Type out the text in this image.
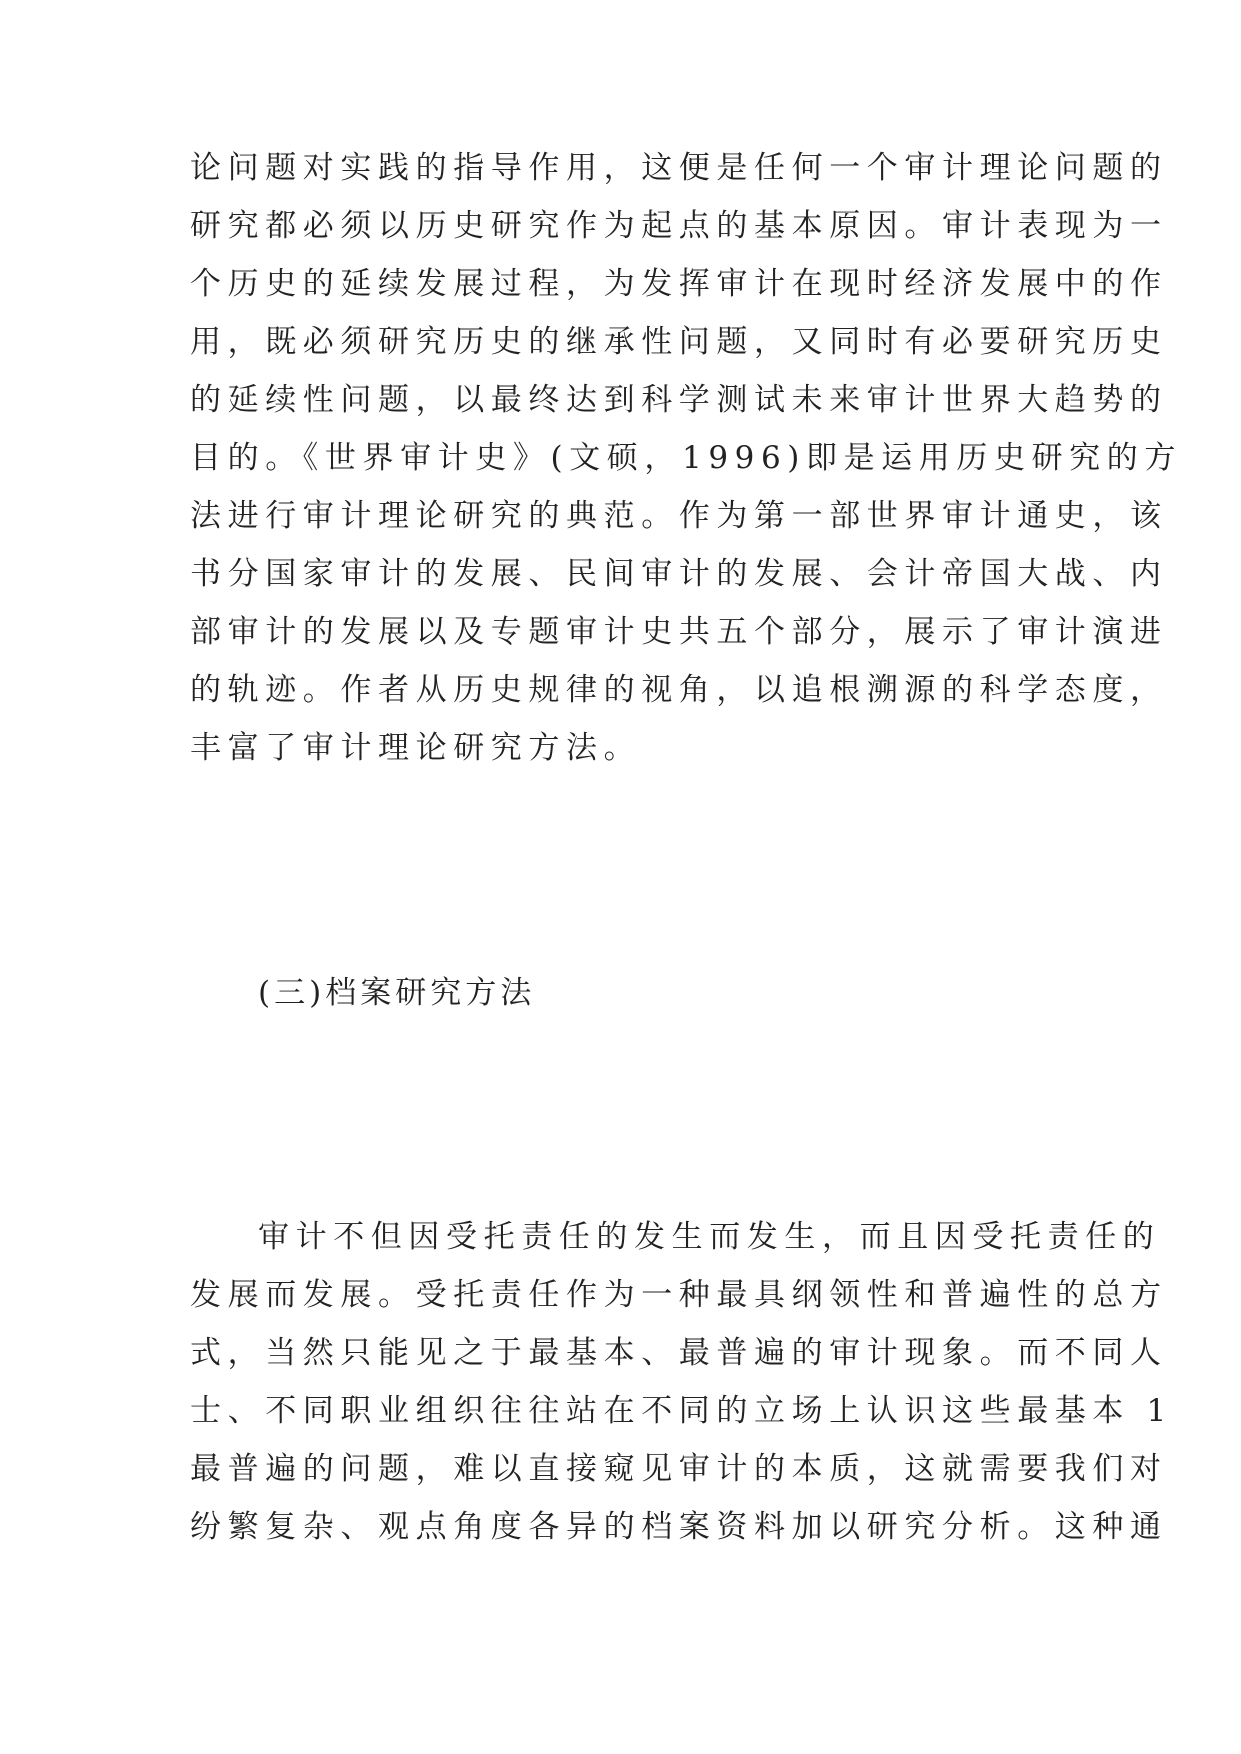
论问题对实践的指导作用，这便是任何一个审计理论问题的
研究都必须以历史研究作为起点的基本原因。审计表现为一
个历史的延续发展过程，为发挥审计在现时经济发展中的作
用，既必须研究历史的继承性问题，又同时有必要研究历史
的延续性问题，以最终达到科学测试未来审计世界大趋势的
目的。《世界审计史》(文硕，1996)即是运用历史研究的方
法进行审计理论研究的典范。作为第一部世界审计通史，该
书分国家审计的发展、民间审计的发展、会计帝国大战、内
部审计的发展以及专题审计史共五个部分，展示了审计演进
的轨迹。作者从历史规律的视角，以追根溯源的科学态度，
丰富了审计理论研究方法。
(三)档案研究方法
审计不但因受托责任的发生而发生，而且因受托责任的
发展而发展。受托责任作为一种最具纲领性和普遍性的总方
式，当然只能见之于最基本、最普遍的审计现象。而不同人
士、不同职业组织往往站在不同的立场上认识这些最基本 1
最普遍的问题，难以直接窥见审计的本质，这就需要我们对
纷繁复杂、观点角度各异的档案资料加以研究分析。这种通
